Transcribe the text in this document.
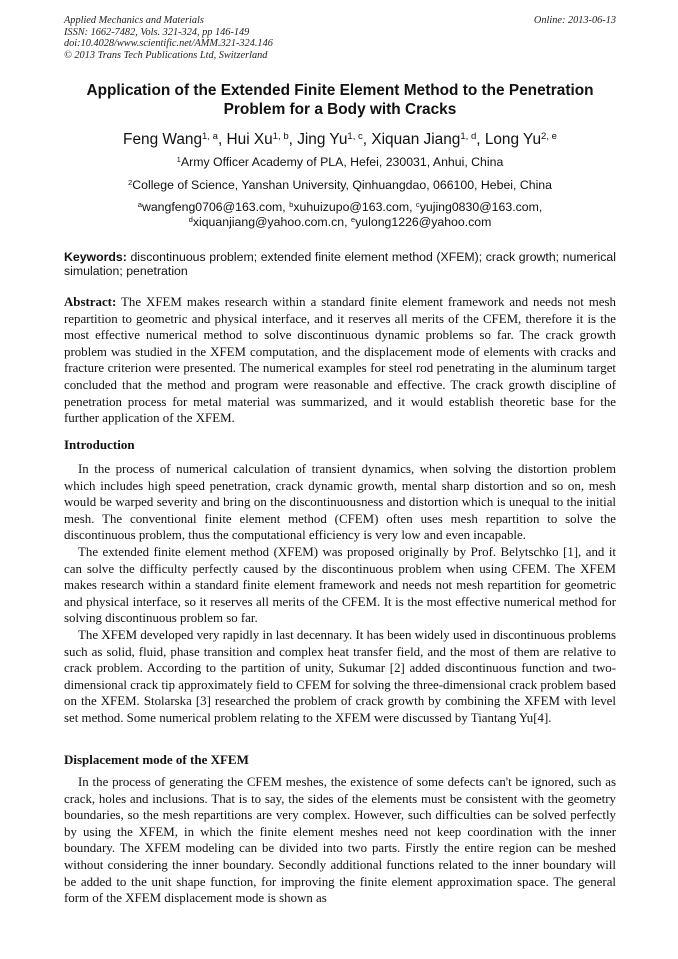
Applied Mechanics and Materials
ISSN: 1662-7482, Vols. 321-324, pp 146-149
doi:10.4028/www.scientific.net/AMM.321-324.146
© 2013 Trans Tech Publications Ltd, Switzerland
Online: 2013-06-13
Application of the Extended Finite Element Method to the Penetration
Problem for a Body with Cracks
Feng Wang$^{1, a}$, Hui Xu$^{1, b}$, Jing Yu$^{1, c}$, Xiquan Jiang$^{1, d}$, Long Yu$^{2, e}$
$^1$Army Officer Academy of PLA, Hefei, 230031, Anhui, China
$^2$College of Science, Yanshan University, Qinhuangdao, 066100, Hebei, China
$^a$wangfeng0706@163.com, $^b$xuhuizupo@163.com, $^c$yujing0830@163.com,
$^d$xiquanjiang@yahoo.com.cn, $^e$yulong1226@yahoo.com
Keywords: discontinuous problem; extended finite element method (XFEM); crack growth; numerical simulation; penetration
Abstract: The XFEM makes research within a standard finite element framework and needs not mesh repartition to geometric and physical interface, and it reserves all merits of the CFEM, therefore it is the most effective numerical method to solve discontinuous dynamic problems so far. The crack growth problem was studied in the XFEM computation, and the displacement mode of elements with cracks and fracture criterion were presented. The numerical examples for steel rod penetrating in the aluminum target concluded that the method and program were reasonable and effective. The crack growth discipline of penetration process for metal material was summarized, and it would establish theoretic base for the further application of the XFEM.
Introduction

In the process of numerical calculation of transient dynamics, when solving the distortion problem which includes high speed penetration, crack dynamic growth, mental sharp distortion and so on, mesh would be warped severity and bring on the discontinuousness and distortion which is unequal to the initial mesh. The conventional finite element method (CFEM) often uses mesh repartition to solve the discontinuous problem, thus the computational efficiency is very low and even incapable.

The extended finite element method (XFEM) was proposed originally by Prof. Belytschko [1], and it can solve the difficulty perfectly caused by the discontinuous problem when using CFEM. The XFEM makes research within a standard finite element framework and needs not mesh repartition for geometric and physical interface, so it reserves all merits of the CFEM. It is the most effective numerical method for solving discontinuous problem so far.

The XFEM developed very rapidly in last decennary. It has been widely used in discontinuous problems such as solid, fluid, phase transition and complex heat transfer field, and the most of them are relative to crack problem. According to the partition of unity, Sukumar [2] added discontinuous function and two-dimensional crack tip approximately field to CFEM for solving the three-dimensional crack problem based on the XFEM. Stolarska [3] researched the problem of crack growth by combining the XFEM with level set method. Some numerical problem relating to the XFEM were discussed by Tiantang Yu[4].

Displacement mode of the XFEM

In the process of generating the CFEM meshes, the existence of some defects can't be ignored, such as crack, holes and inclusions. That is to say, the sides of the elements must be consistent with the geometry boundaries, so the mesh repartitions are very complex. However, such difficulties can be solved perfectly by using the XFEM, in which the finite element meshes need not keep coordination with the inner boundary. The XFEM modeling can be divided into two parts. Firstly the entire region can be meshed without considering the inner boundary. Secondly additional functions related to the inner boundary will be added to the unit shape function, for improving the finite element approximation space. The general form of the XFEM displacement mode is shown as
